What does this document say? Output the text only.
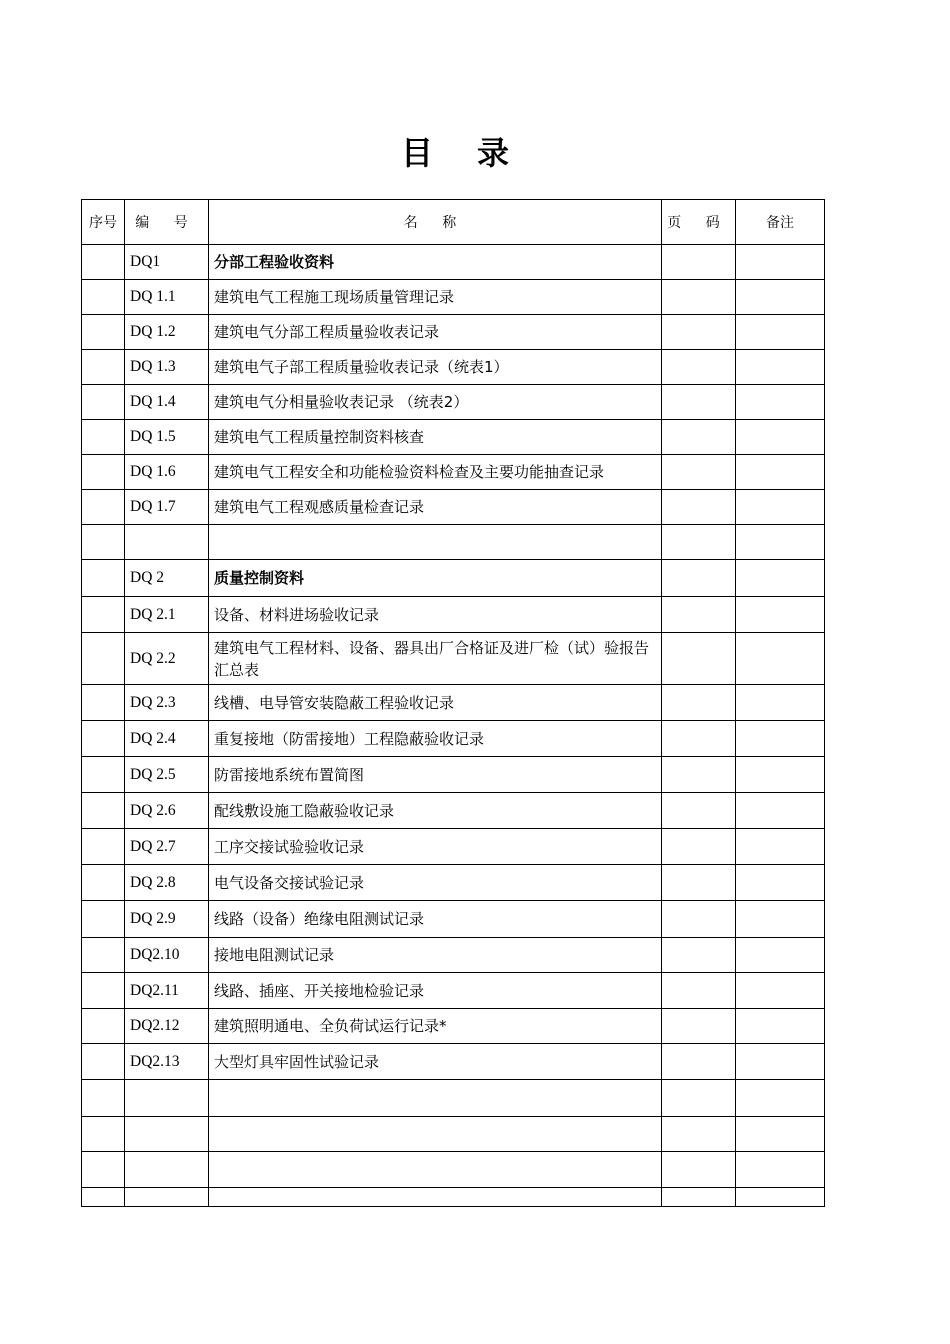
目 录
序号	编 号	名 称	页 码	备注
	DQ1	分部工程验收资料		
	DQ 1.1	建筑电气工程施工现场质量管理记录		
	DQ 1.2	建筑电气分部工程质量验收表记录		
	DQ 1.3	建筑电气子部工程质量验收表记录（统表1）		
	DQ 1.4	建筑电气分相量验收表记录 （统表2）		
	DQ 1.5	建筑电气工程质量控制资料核查		
	DQ 1.6	建筑电气工程安全和功能检验资料检查及主要功能抽查记录		
	DQ 1.7	建筑电气工程观感质量检查记录		

	DQ 2	质量控制资料		
	DQ 2.1	设备、材料进场验收记录		
	DQ 2.2	建筑电气工程材料、设备、器具出厂合格证及进厂检（试）验报告汇总表		
	DQ 2.3	线槽、电导管安装隐蔽工程验收记录		
	DQ 2.4	重复接地（防雷接地）工程隐蔽验收记录		
	DQ 2.5	防雷接地系统布置简图		
	DQ 2.6	配线敷设施工隐蔽验收记录		
	DQ 2.7	工序交接试验验收记录		
	DQ 2.8	电气设备交接试验记录		
	DQ 2.9	线路（设备）绝缘电阻测试记录		
	DQ2.10	接地电阻测试记录		
	DQ2.11	线路、插座、开关接地检验记录		
	DQ2.12	建筑照明通电、全负荷试运行记录*		
	DQ2.13	大型灯具牢固性试验记录		
